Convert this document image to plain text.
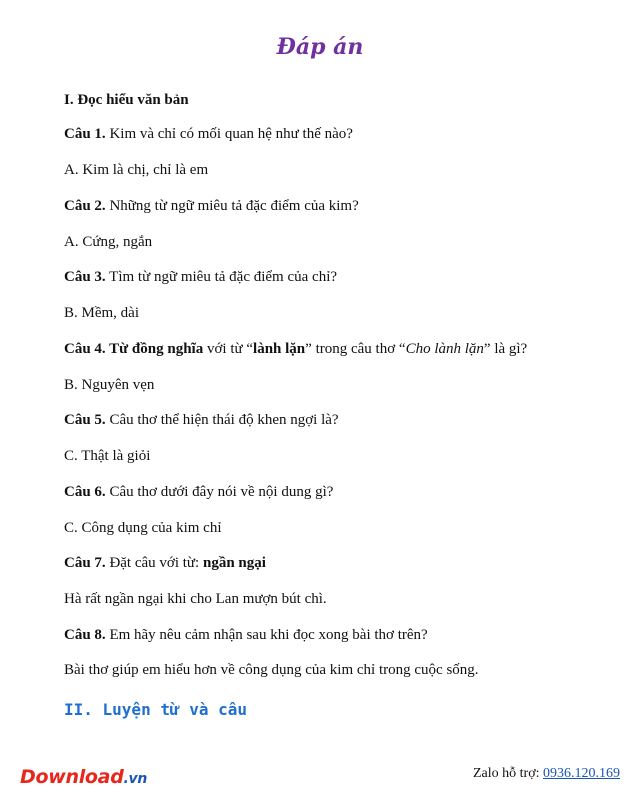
Đáp án
I. Đọc hiểu văn bản
Câu 1. Kim và chỉ có mối quan hệ như thế nào?
A. Kim là chị, chỉ là em
Câu 2. Những từ ngữ miêu tả đặc điểm của kim?
A. Cứng, ngắn
Câu 3. Tìm từ ngữ miêu tả đặc điểm của chỉ?
B. Mềm, dài
Câu 4. Từ đồng nghĩa với từ “lành lặn” trong câu thơ “Cho lành lặn” là gì?
B. Nguyên vẹn
Câu 5. Câu thơ thể hiện thái độ khen ngợi là?
C. Thật là giỏi
Câu 6. Câu thơ dưới đây nói về nội dung gì?
C. Công dụng của kim chỉ
Câu 7. Đặt câu với từ: ngần ngại
Hà rất ngần ngại khi cho Lan mượn bút chì.
Câu 8. Em hãy nêu cảm nhận sau khi đọc xong bài thơ trên?
Bài thơ giúp em hiểu hơn về công dụng của kim chỉ trong cuộc sống.
II. Luyện từ và câu
Download.vn	Zalo hỗ trợ: 0936.120.169
